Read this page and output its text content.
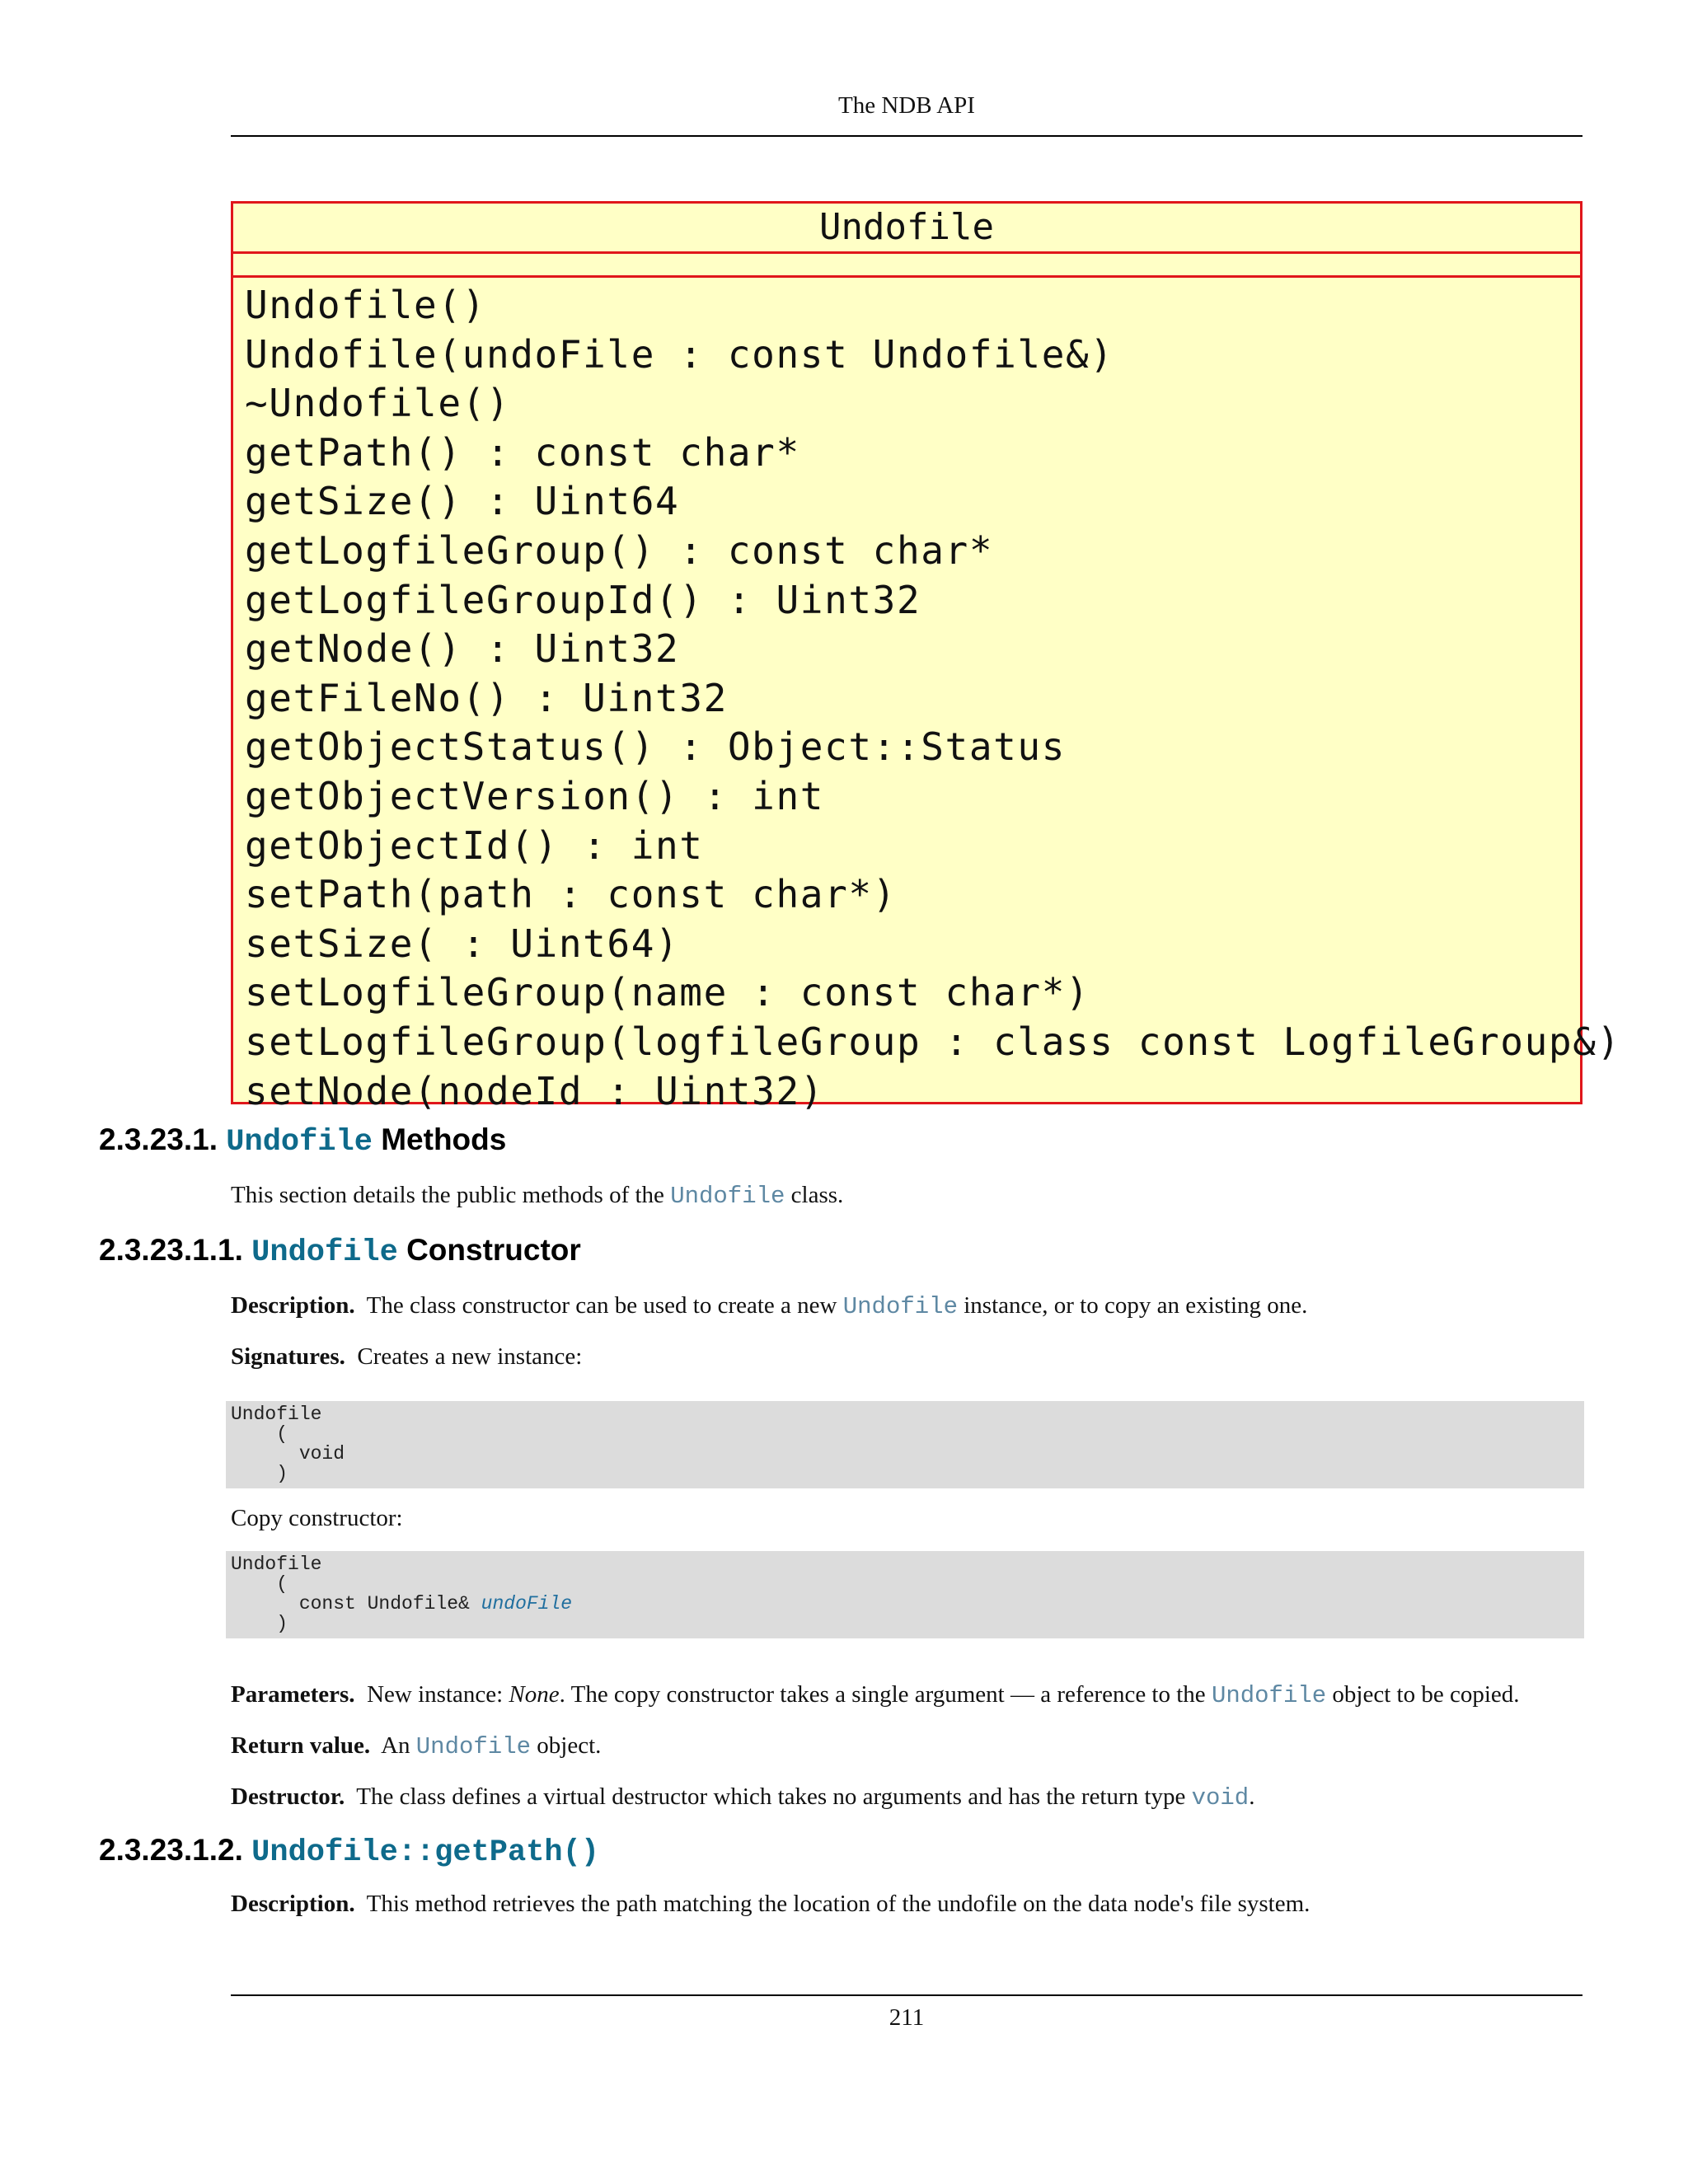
The NDB API
Undofile
Undofile()
Undofile(undoFile : const Undofile&)
~Undofile()
getPath() : const char*
getSize() : Uint64
getLogfileGroup() : const char*
getLogfileGroupId() : Uint32
getNode() : Uint32
getFileNo() : Uint32
getObjectStatus() : Object::Status
getObjectVersion() : int
getObjectId() : int
setPath(path : const char*)
setSize( : Uint64)
setLogfileGroup(name : const char*)
setLogfileGroup(logfileGroup : class const LogfileGroup&)
setNode(nodeId : Uint32)
2.3.23.1. Undofile Methods
This section details the public methods of the Undofile class.
2.3.23.1.1. Undofile Constructor
Description. The class constructor can be used to create a new Undofile instance, or to copy an existing one.
Signatures. Creates a new instance:
Undofile
(
void
)
Copy constructor:
Undofile
(
const Undofile& undoFile
)
Parameters. New instance: None. The copy constructor takes a single argument — a reference to the Undofile object to be copied.
Return value. An Undofile object.
Destructor. The class defines a virtual destructor which takes no arguments and has the return type void.
2.3.23.1.2. Undofile::getPath()
Description. This method retrieves the path matching the location of the undofile on the data node's file system.
211
